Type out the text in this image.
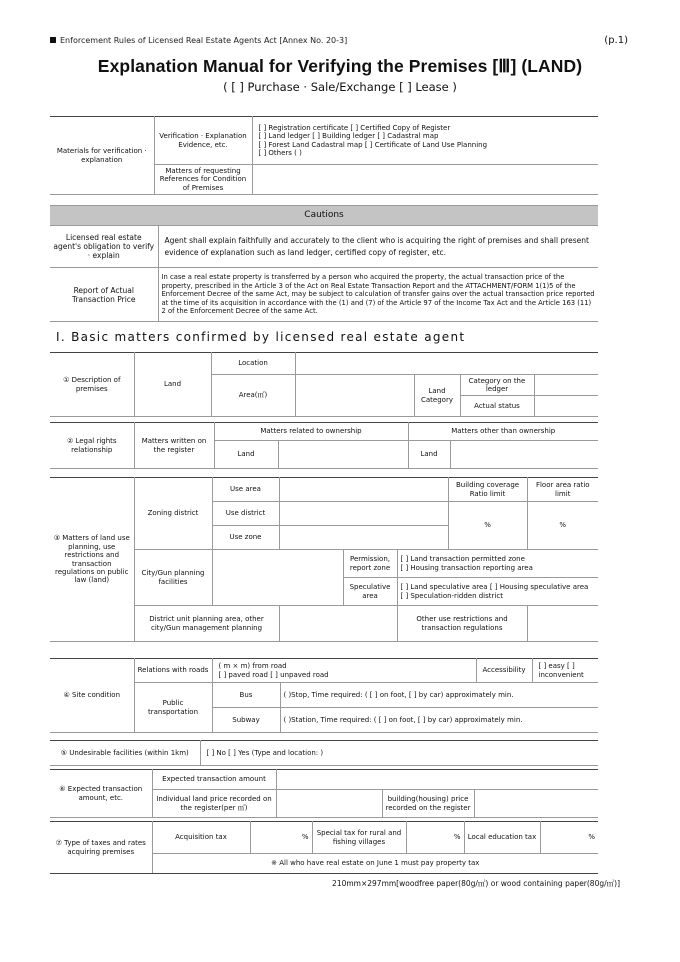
Enforcement Rules of Licensed Real Estate Agents Act [Annex No. 20-3]	(p.1)
Explanation Manual for Verifying the Premises [Ⅲ] (LAND)
( [ ] Purchase · Sale/Exchange [ ] Lease )
Materials for verification · explanation	Verification · Explanation Evidence, etc.	[ ] Registration certificate [ ] Certified Copy of Register
[ ] Land ledger [ ] Building ledger [ ] Cadastral map
[ ] Forest Land Cadastral map [ ] Certificate of Land Use Planning
[ ] Others ( )

	Matters of requesting References for Condition of Premises	
Cautions	
Licensed real estate agent's obligation to verify · explain	Agent shall explain faithfully and accurately to the client who is acquiring the right of premises and shall present evidence of explanation such as land ledger, certified copy of register, etc.
Report of Actual Transaction Price	In case a real estate property is transferred by a person who acquired the property, the actual transaction price of the property, prescribed in the Article 3 of the Act on Real Estate Transaction Report and the ATTACHMENT/FORM 1(1)5 of the Enforcement Decree of the same Act, may be subject to calculation of transfer gains over the actual transaction price reported at the time of its acquisition in accordance with the (1) and (7) of the Article 97 of the Income Tax Act and the Article 163 (11) 2 of the Enforcement Decree of the same Act.
Ⅰ. Basic matters confirmed by licensed real estate agent
① Description of premises	Land	Location				
		Area(㎡)		Land Category	Category on the ledger	
					Actual status	
② Legal rights relationship	Matters written on the register	Matters related to ownership		Matters other than ownership	
		Land		Land	
③ Matters of land use planning, use restrictions and transaction regulations on public law (land)	Zoning district	Use area				Building coverage Ratio limit	Floor area ratio limit
		Use district				%	%
		Use zone					
	City/Gun planning facilities			Permission, report zone	[ ] Land transaction permitted zone
[ ] Housing transaction reporting area		

				Speculative area	[ ] Land speculative area [ ] Housing speculative area
[ ] Speculation-ridden district		

	District unit planning area, other city/Gun management planning				Other use restrictions and transaction regulations		
④ Site condition	Relations with roads	( m × m) from road
[ ] paved road [ ] unpaved road		Accessibility	[ ] easy [ ] inconvenient
	Public transportation	Bus	( )Stop, Time required: ( [ ] on foot, [ ] by car) approximately min.		
		Subway	( )Station, Time required: ( [ ] on foot, [ ] by car) approximately min.		
⑤ Undesirable facilities (within 1km)	[ ] No [ ] Yes (Type and location: )
⑥ Expected transaction amount, etc.	Expected transaction amount			
	Individual land price recorded on the register(per ㎡)		building(housing) price recorded on the register	
⑦ Type of taxes and rates acquiring premises	Acquisition tax	%	Special tax for rural and fishing villages	%	Local education tax	%
※ All who have real estate on June 1 must pay property tax
210mm×297mm[woodfree paper(80g/㎡) or wood containing paper(80g/㎡)]
